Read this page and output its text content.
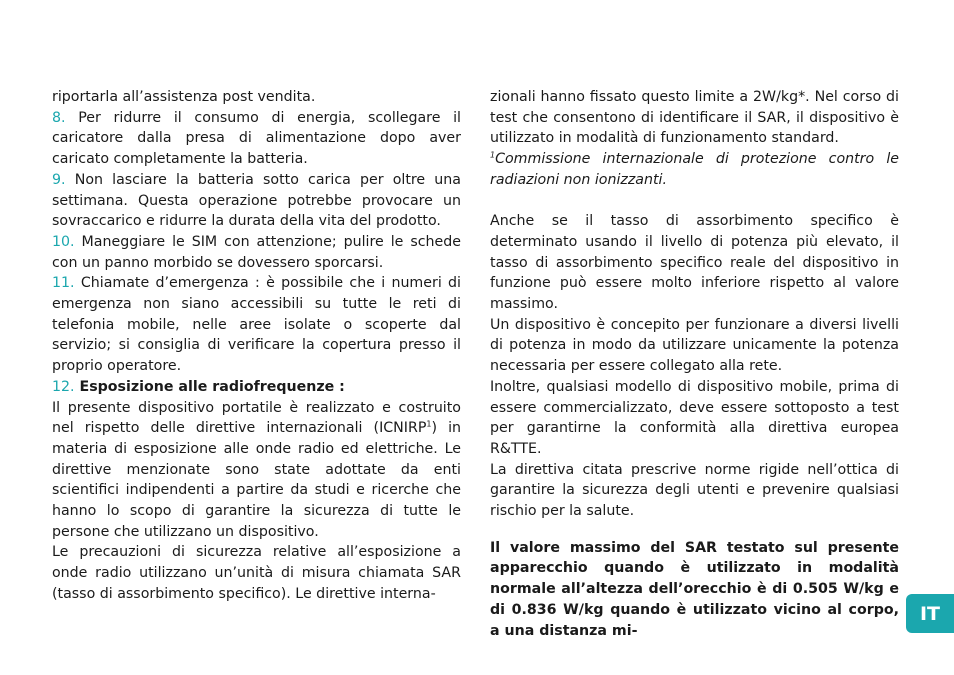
riportarla all’assistenza post vendita.

8. Per ridurre il consumo di energia, scollegare il caricatore dalla presa di alimentazione dopo aver caricato completamente la batteria.

9. Non lasciare la batteria sotto carica per oltre una settimana. Questa operazione potrebbe provocare un sovraccarico e ridurre la durata della vita del prodotto.

10. Maneggiare le SIM con attenzione; pulire le schede con un panno morbido se dovessero sporcarsi.

11. Chiamate d’emergenza : è possibile che i numeri di emergenza non siano accessibili su tutte le reti di telefonia mobile, nelle aree isolate o scoperte dal servizio; si consiglia di verificare la copertura presso il proprio operatore.

12. Esposizione alle radiofrequenze :

Il presente dispositivo portatile è realizzato e costruito nel rispetto delle direttive internazionali (ICNIRP$^1$) in materia di esposizione alle onde radio ed elettriche. Le direttive menzionate sono state adottate da enti scientifici indipendenti a partire da studi e ricerche che hanno lo scopo di garantire la sicurezza di tutte le persone che utilizzano un dispositivo.

Le precauzioni di sicurezza relative all’esposizione a onde radio utilizzano un’unità di misura chiamata SAR (tasso di assorbimento specifico). Le direttive interna-

zionali hanno fissato questo limite a 2W/kg*. Nel corso di test che consentono di identificare il SAR, il dispositivo è utilizzato in modalità di funzionamento standard.

$^1$Commissione internazionale di protezione contro le radiazioni non ionizzanti.

Anche se il tasso di assorbimento specifico è determinato usando il livello di potenza più elevato, il tasso di assorbimento specifico reale del dispositivo in funzione può essere molto inferiore rispetto al valore massimo.

Un dispositivo è concepito per funzionare a diversi livelli di potenza in modo da utilizzare unicamente la potenza necessaria per essere collegato alla rete.

Inoltre, qualsiasi modello di dispositivo mobile, prima di essere commercializzato, deve essere sottoposto a test per garantirne la conformità alla direttiva europea R&TTE.

La direttiva citata prescrive norme rigide nell’ottica di garantire la sicurezza degli utenti e prevenire qualsiasi rischio per la salute.

Il valore massimo del SAR testato sul presente apparecchio quando è utilizzato in modalità normale all’altezza dell’orecchio è di 0.505 W/kg e di 0.836 W/kg quando è utilizzato vicino al corpo, a una distanza mi-

IT
